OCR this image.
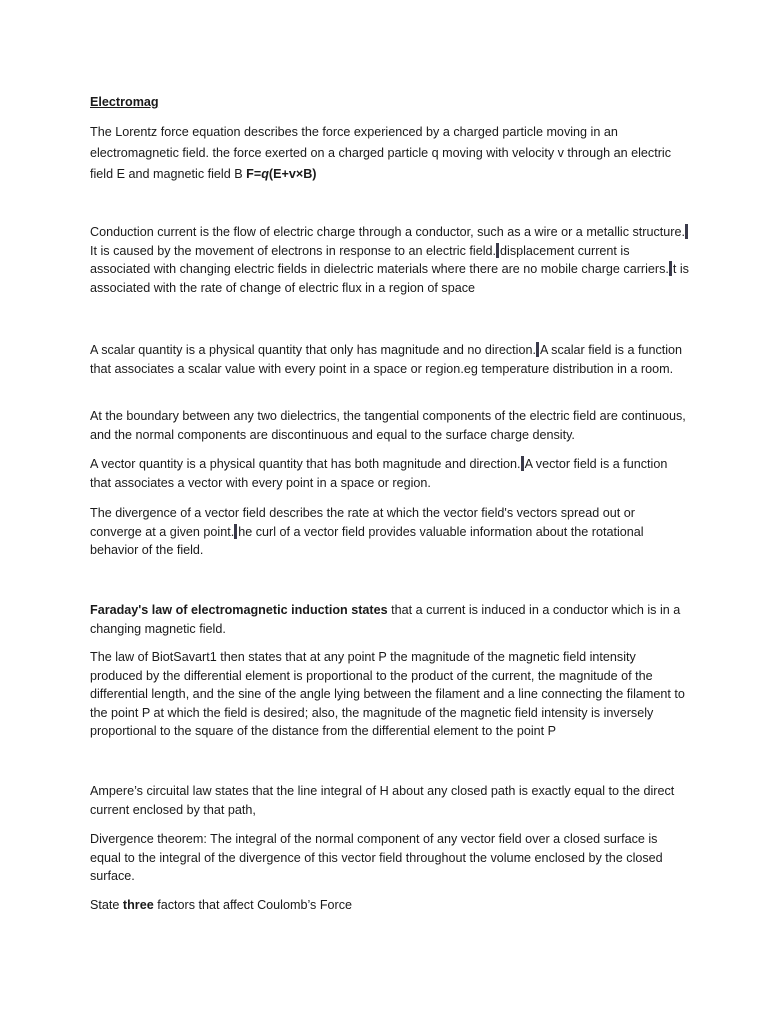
Electromag

The Lorentz force equation describes the force experienced by a charged particle moving in an electromagnetic field. the force exerted on a charged particle q moving with velocity v through an electric field E and magnetic field B F=q(E+v×B)

Conduction current is the flow of electric charge through a conductor, such as a wire or a metallic structure.It is caused by the movement of electrons in response to an electric field. displacement current is associated with changing electric fields in dielectric materials where there are no mobile charge carriers. t is associated with the rate of change of electric flux in a region of space

A scalar quantity is a physical quantity that only has magnitude and no direction. A scalar field is a function that associates a scalar value with every point in a space or region.eg temperature distribution in a room.

At the boundary between any two dielectrics, the tangential components of the electric field are continuous, and the normal components are discontinuous and equal to the surface charge density.

A vector quantity is a physical quantity that has both magnitude and direction. A vector field is a function that associates a vector with every point in a space or region.

The divergence of a vector field describes the rate at which the vector field's vectors spread out or converge at a given point. he curl of a vector field provides valuable information about the rotational behavior of the field.

Faraday's law of electromagnetic induction states that a current is induced in a conductor which is in a changing magnetic field.

The law of BiotSavart1 then states that at any point P the magnitude of the magnetic field intensity produced by the differential element is proportional to the product of the current, the magnitude of the differential length, and the sine of the angle lying between the filament and a line connecting the filament to the point P at which the field is desired; also, the magnitude of the magnetic field intensity is inversely proportional to the square of the distance from the differential element to the point P

Ampere’s circuital law states that the line integral of H about any closed path is exactly equal to the direct current enclosed by that path,

Divergence theorem: The integral of the normal component of any vector field over a closed surface is equal to the integral of the divergence of this vector field throughout the volume enclosed by the closed surface.

State three factors that affect Coulomb’s Force
